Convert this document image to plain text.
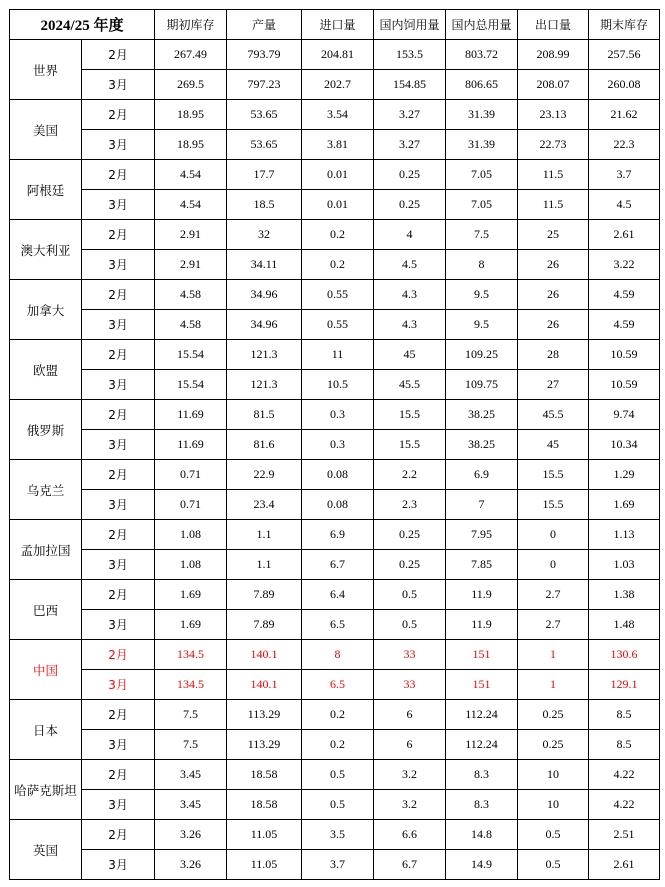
2024/25 年度		期初库存	产量	进口量	国内饲用量	国内总用量	出口量	期末库存
世界	2月	267.49	793.79	204.81	153.5	803.72	208.99	257.56
	3月	269.5	797.23	202.7	154.85	806.65	208.07	260.08
美国	2月	18.95	53.65	3.54	3.27	31.39	23.13	21.62
	3月	18.95	53.65	3.81	3.27	31.39	22.73	22.3
阿根廷	2月	4.54	17.7	0.01	0.25	7.05	11.5	3.7
	3月	4.54	18.5	0.01	0.25	7.05	11.5	4.5
澳大利亚	2月	2.91	32	0.2	4	7.5	25	2.61
	3月	2.91	34.11	0.2	4.5	8	26	3.22
加拿大	2月	4.58	34.96	0.55	4.3	9.5	26	4.59
	3月	4.58	34.96	0.55	4.3	9.5	26	4.59
欧盟	2月	15.54	121.3	11	45	109.25	28	10.59
	3月	15.54	121.3	10.5	45.5	109.75	27	10.59
俄罗斯	2月	11.69	81.5	0.3	15.5	38.25	45.5	9.74
	3月	11.69	81.6	0.3	15.5	38.25	45	10.34
乌克兰	2月	0.71	22.9	0.08	2.2	6.9	15.5	1.29
	3月	0.71	23.4	0.08	2.3	7	15.5	1.69
孟加拉国	2月	1.08	1.1	6.9	0.25	7.95	0	1.13
	3月	1.08	1.1	6.7	0.25	7.85	0	1.03
巴西	2月	1.69	7.89	6.4	0.5	11.9	2.7	1.38
	3月	1.69	7.89	6.5	0.5	11.9	2.7	1.48
中国	2月	134.5	140.1	8	33	151	1	130.6
	3月	134.5	140.1	6.5	33	151	1	129.1
日本	2月	7.5	113.29	0.2	6	112.24	0.25	8.5
	3月	7.5	113.29	0.2	6	112.24	0.25	8.5
哈萨克斯坦	2月	3.45	18.58	0.5	3.2	8.3	10	4.22
	3月	3.45	18.58	0.5	3.2	8.3	10	4.22
英国	2月	3.26	11.05	3.5	6.6	14.8	0.5	2.51
	3月	3.26	11.05	3.7	6.7	14.9	0.5	2.61
